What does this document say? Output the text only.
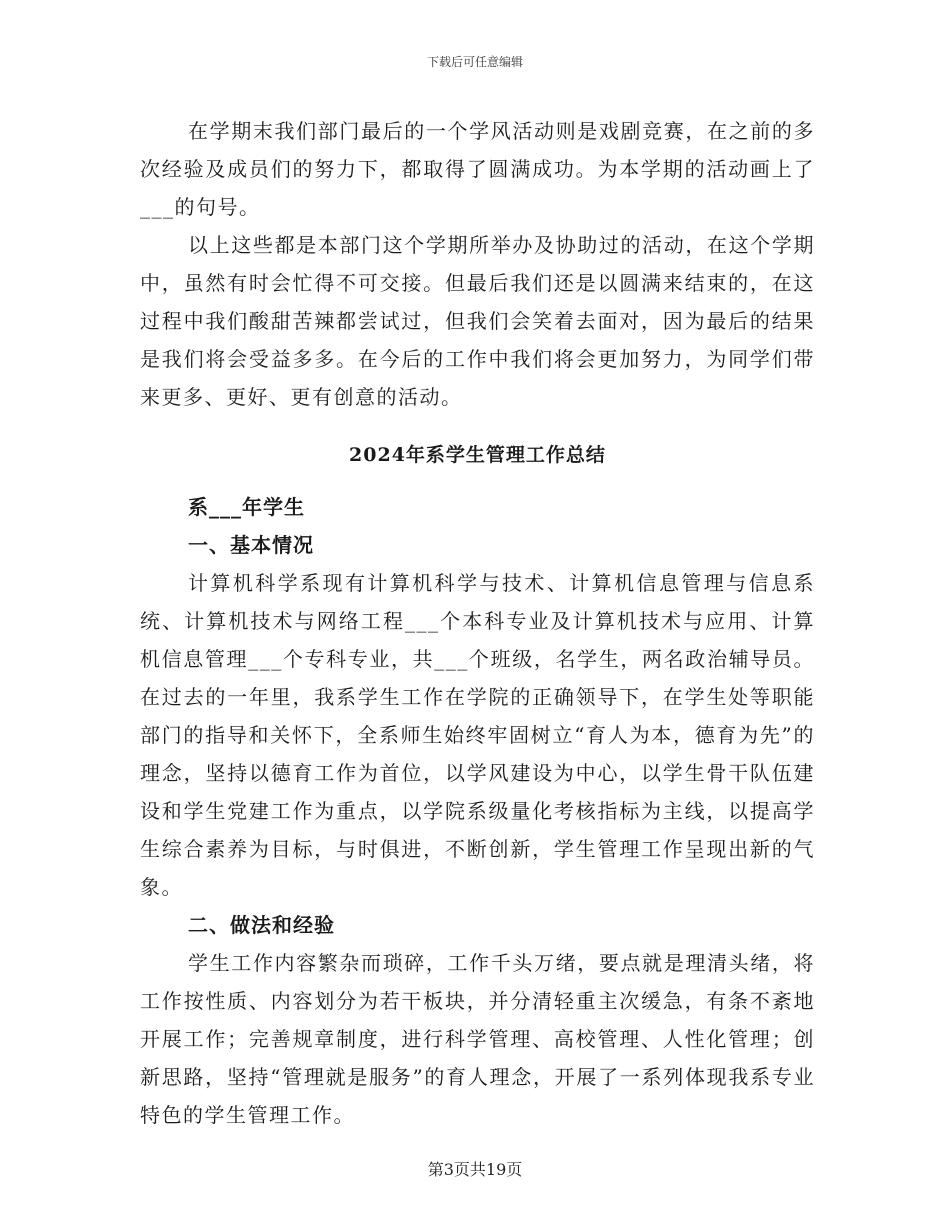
下载后可任意编辑

在学期末我们部门最后的一个学风活动则是戏剧竞赛，在之前的多次经验及成员们的努力下，都取得了圆满成功。为本学期的活动画上了___的句号。

以上这些都是本部门这个学期所举办及协助过的活动，在这个学期中，虽然有时会忙得不可交接。但最后我们还是以圆满来结束的，在这过程中我们酸甜苦辣都尝试过，但我们会笑着去面对，因为最后的结果是我们将会受益多多。在今后的工作中我们将会更加努力，为同学们带来更多、更好、更有创意的活动。

2024年系学生管理工作总结

系___年学生

一、基本情况

计算机科学系现有计算机科学与技术、计算机信息管理与信息系统、计算机技术与网络工程___个本科专业及计算机技术与应用、计算机信息管理___个专科专业，共___个班级，名学生，两名政治辅导员。在过去的一年里，我系学生工作在学院的正确领导下，在学生处等职能部门的指导和关怀下，全系师生始终牢固树立“育人为本，德育为先”的理念，坚持以德育工作为首位，以学风建设为中心，以学生骨干队伍建设和学生党建工作为重点，以学院系级量化考核指标为主线，以提高学生综合素养为目标，与时俱进，不断创新，学生管理工作呈现出新的气象。

二、做法和经验

学生工作内容繁杂而琐碎，工作千头万绪，要点就是理清头绪，将工作按性质、内容划分为若干板块，并分清轻重主次缓急，有条不紊地开展工作；完善规章制度，进行科学管理、高校管理、人性化管理；创新思路，坚持“管理就是服务”的育人理念，开展了一系列体现我系专业特色的学生管理工作。

第3页共19页
